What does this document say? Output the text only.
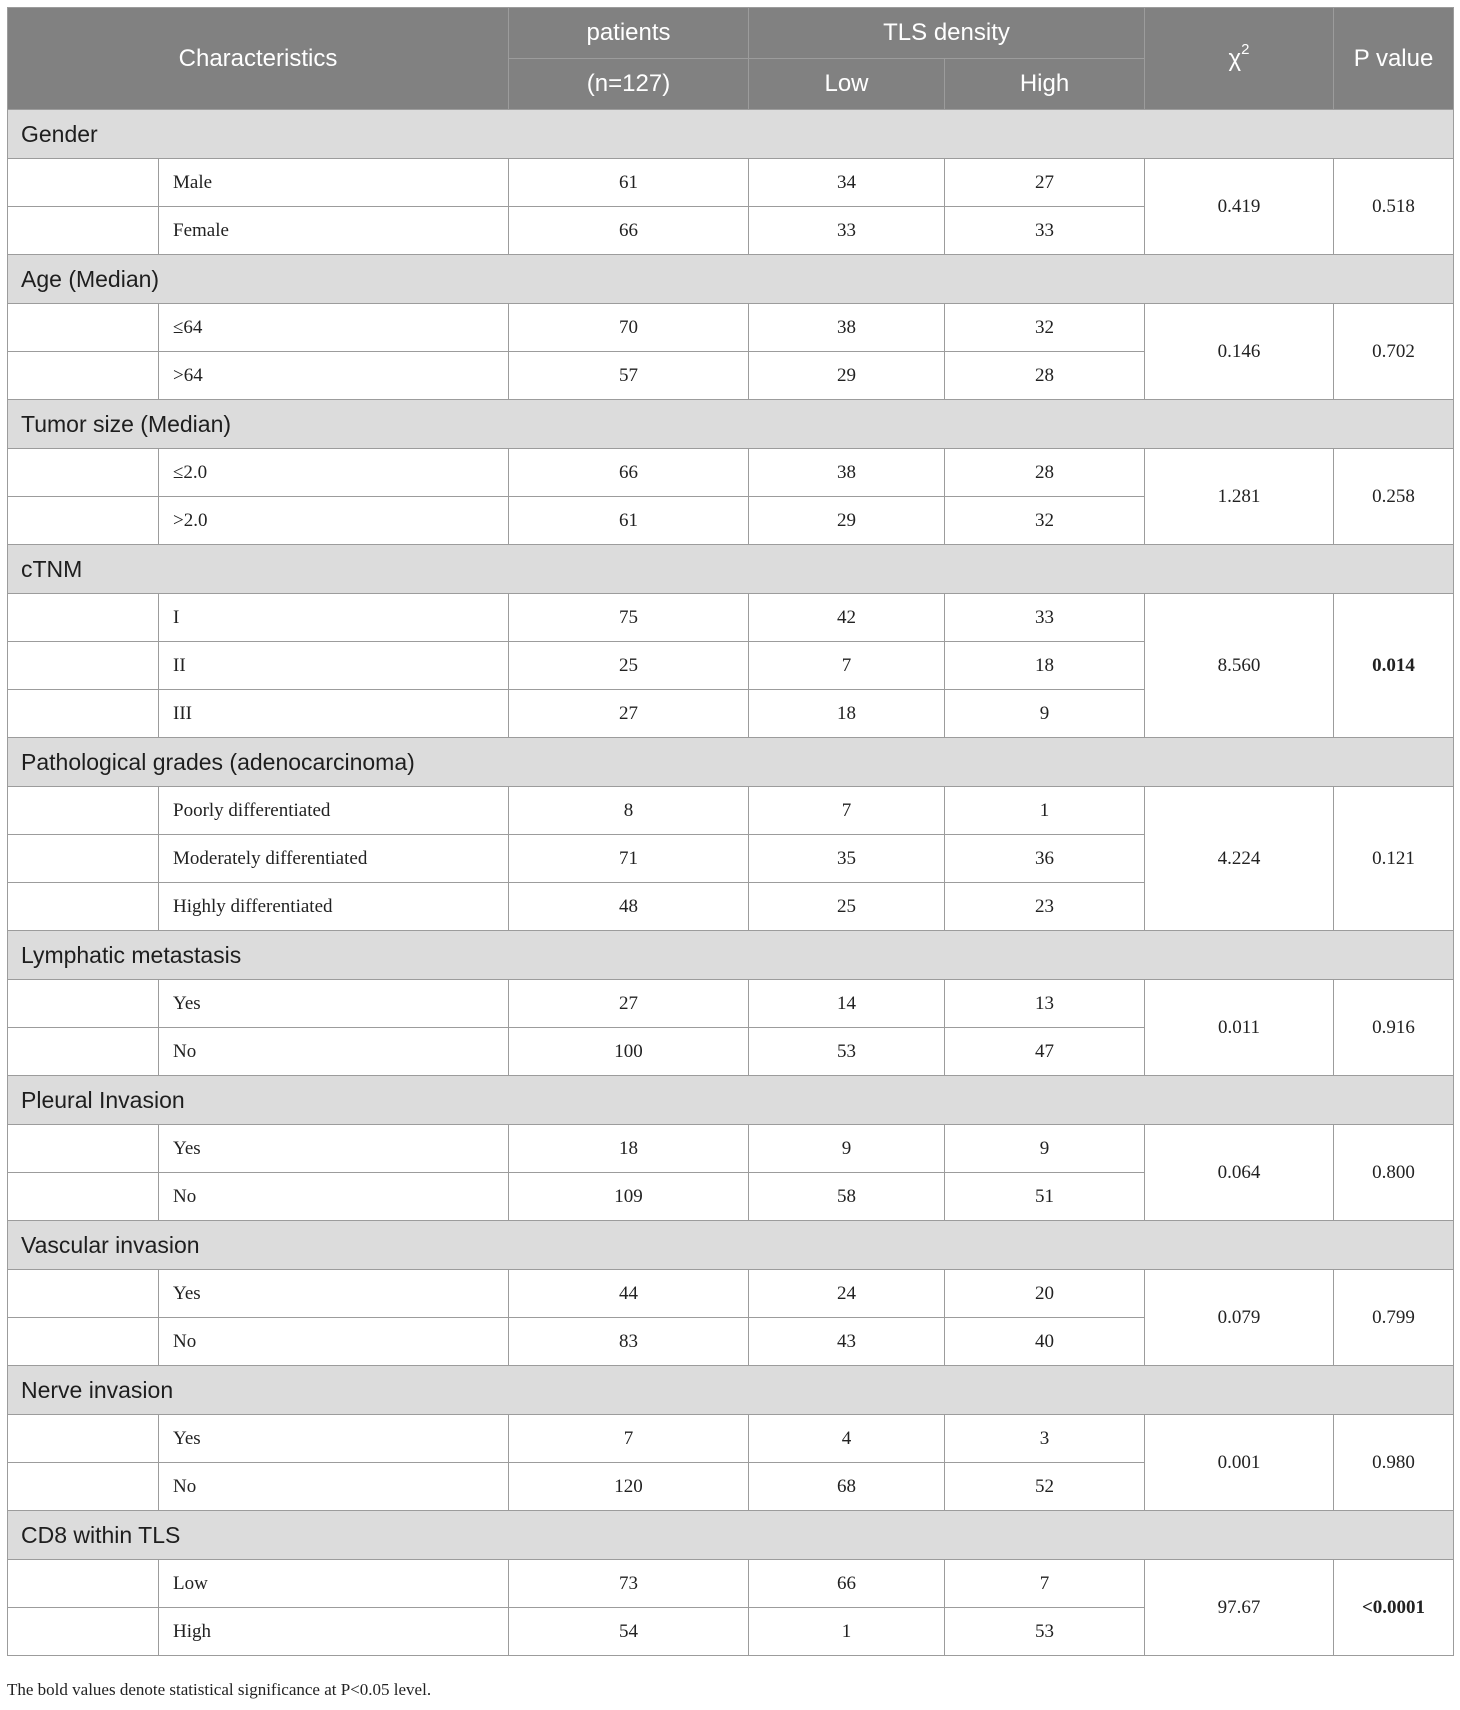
Characteristics		patients	TLS density		$\chi^2$	P value
		(n=127)	Low	High		
Gender						
	Male	61	34	27	0.419	0.518
	Female	66	33	33		
Age (Median)						
	≤64	70	38	32	0.146	0.702
	>64	57	29	28		
Tumor size (Median)						
	≤2.0	66	38	28	1.281	0.258
	>2.0	61	29	32		
cTNM						
	I	75	42	33	8.560	0.014
	II	25	7	18		
	III	27	18	9		
Pathological grades (adenocarcinoma)						
	Poorly differentiated	8	7	1	4.224	0.121
	Moderately differentiated	71	35	36		
	Highly differentiated	48	25	23		
Lymphatic metastasis						
	Yes	27	14	13	0.011	0.916
	No	100	53	47		
Pleural Invasion						
	Yes	18	9	9	0.064	0.800
	No	109	58	51		
Vascular invasion						
	Yes	44	24	20	0.079	0.799
	No	83	43	40		
Nerve invasion						
	Yes	7	4	3	0.001	0.980
	No	120	68	52		
CD8 within TLS						
	Low	73	66	7	97.67	<0.0001
	High	54	1	53		
The bold values denote statistical significance at P<0.05 level.
